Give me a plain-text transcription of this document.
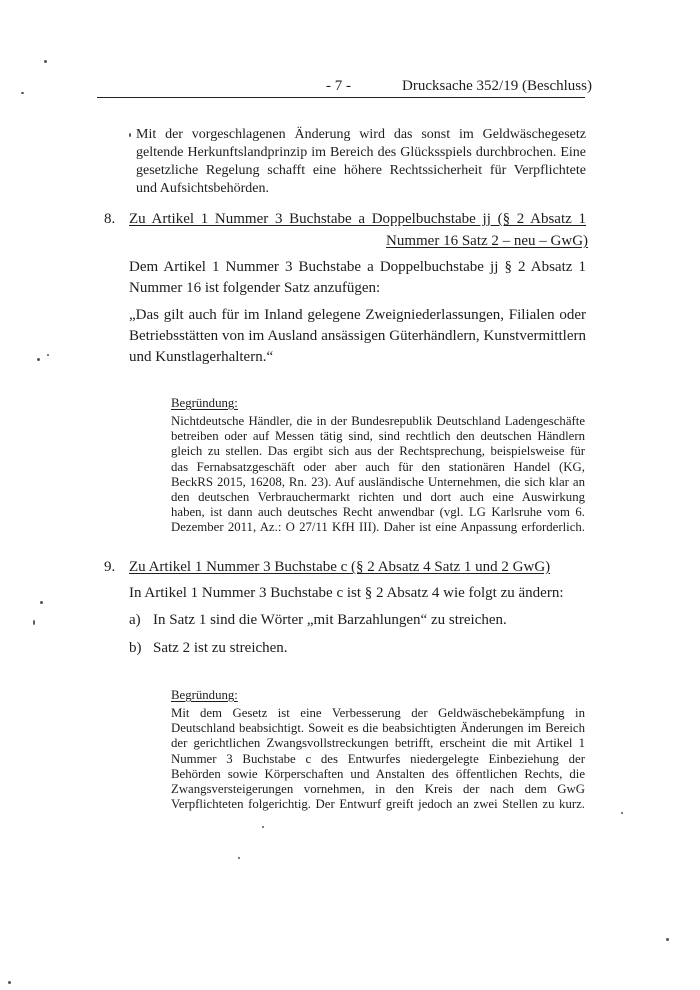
- 7 -	Drucksache 352/19 (Beschluss)
Mit der vorgeschlagenen Änderung wird das sonst im Geldwäschegesetz
geltende Herkunftslandprinzip im Bereich des Glücksspiels durchbrochen. Eine
gesetzliche Regelung schafft eine höhere Rechtssicherheit für Verpflichtete
und Aufsichtsbehörden.
8. Zu Artikel 1 Nummer 3 Buchstabe a Doppelbuchstabe jj (§ 2 Absatz 1
Nummer 16 Satz 2 – neu – GwG)
Dem Artikel 1 Nummer 3 Buchstabe a Doppelbuchstabe jj § 2 Absatz 1
Nummer 16 ist folgender Satz anzufügen:
„Das gilt auch für im Inland gelegene Zweigniederlassungen, Filialen oder
Betriebsstätten von im Ausland ansässigen Güterhändlern, Kunstvermittlern
und Kunstlagerhaltern.“
Begründung:
Nichtdeutsche Händler, die in der Bundesrepublik Deutschland Ladengeschäfte
betreiben oder auf Messen tätig sind, sind rechtlich den deutschen Händlern
gleich zu stellen. Das ergibt sich aus der Rechtsprechung, beispielsweise für
das Fernabsatzgeschäft oder aber auch für den stationären Handel (KG,
BeckRS 2015, 16208, Rn. 23). Auf ausländische Unternehmen, die sich klar an
den deutschen Verbrauchermarkt richten und dort auch eine Auswirkung
haben, ist dann auch deutsches Recht anwendbar (vgl. LG Karlsruhe vom 6.
Dezember 2011, Az.: O 27/11 KfH III). Daher ist eine Anpassung erforderlich.
9. Zu Artikel 1 Nummer 3 Buchstabe c (§ 2 Absatz 4 Satz 1 und 2 GwG)
In Artikel 1 Nummer 3 Buchstabe c ist § 2 Absatz 4 wie folgt zu ändern:
a) In Satz 1 sind die Wörter „mit Barzahlungen“ zu streichen.
b) Satz 2 ist zu streichen.
Begründung:
Mit dem Gesetz ist eine Verbesserung der Geldwäschebekämpfung in
Deutschland beabsichtigt. Soweit es die beabsichtigten Änderungen im Bereich
der gerichtlichen Zwangsvollstreckungen betrifft, erscheint die mit Artikel 1
Nummer 3 Buchstabe c des Entwurfes niedergelegte Einbeziehung der
Behörden sowie Körperschaften und Anstalten des öffentlichen Rechts, die
Zwangsversteigerungen vornehmen, in den Kreis der nach dem GwG
Verpflichteten folgerichtig. Der Entwurf greift jedoch an zwei Stellen zu kurz.
